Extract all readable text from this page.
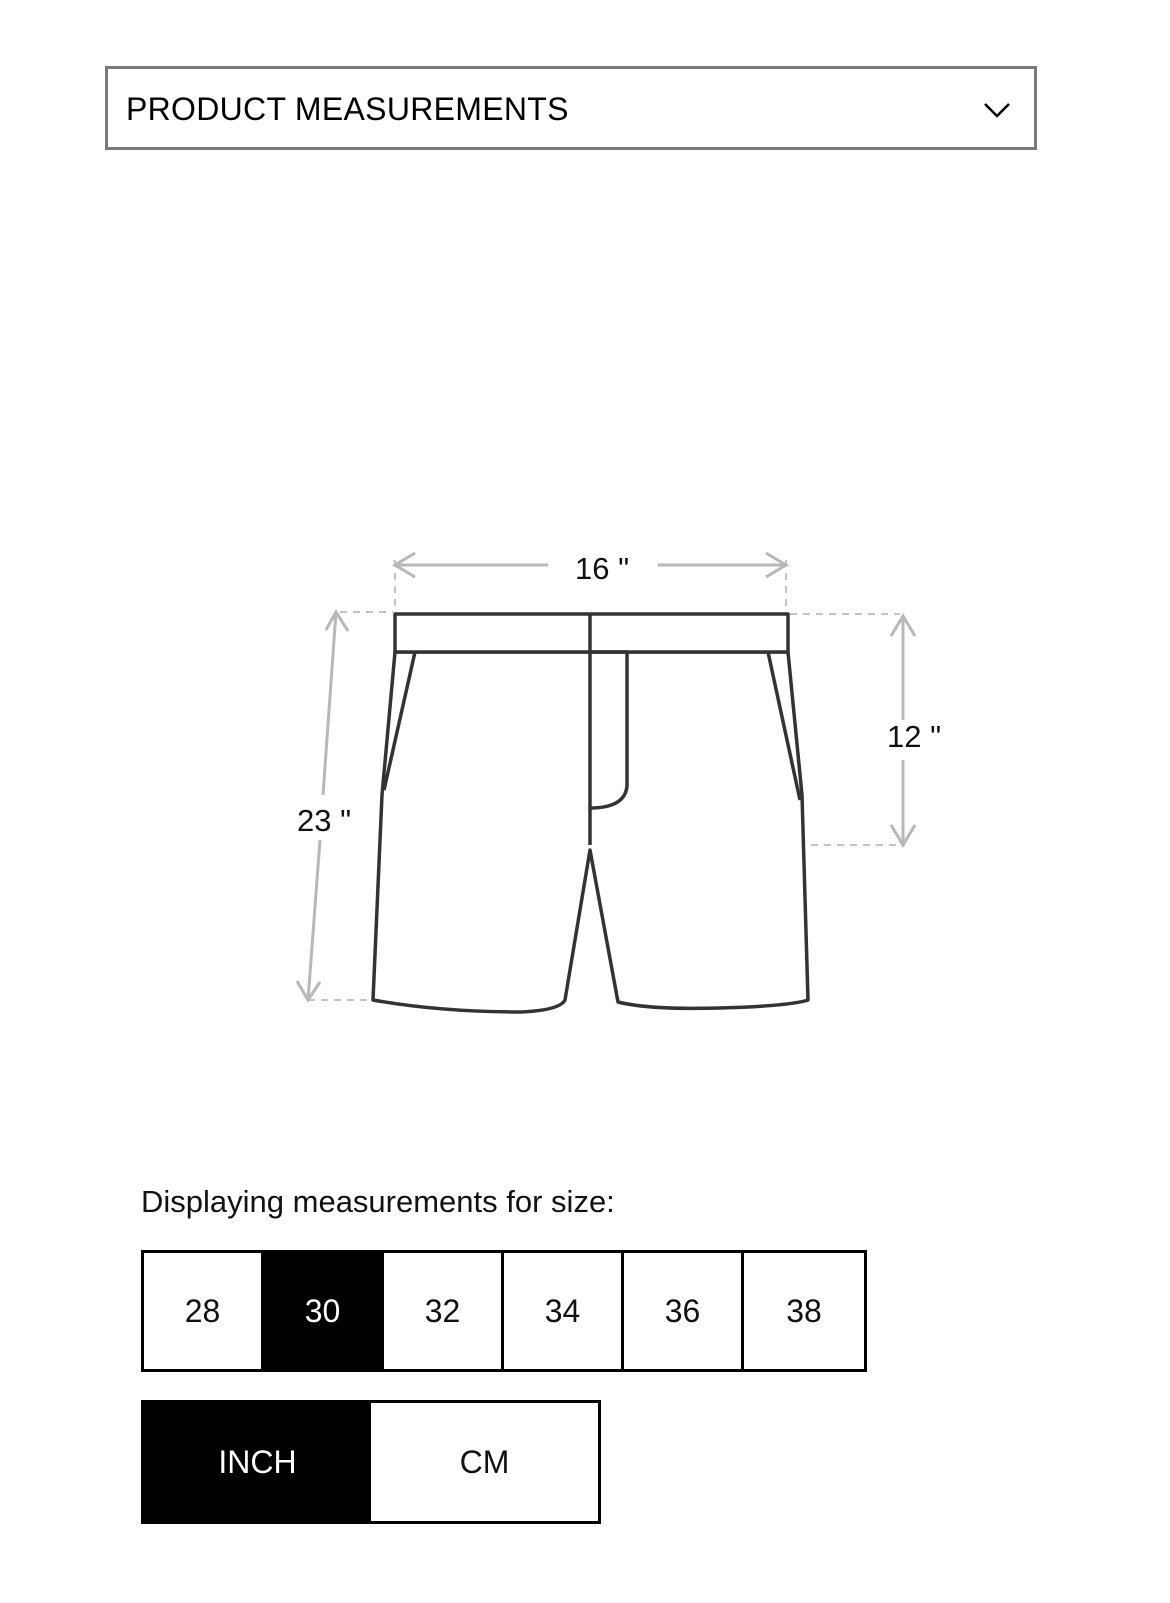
PRODUCT MEASUREMENTS
16 "
12 "
23 "
Displaying measurements for size:
28	30	32	34	36	38
INCH	CM
